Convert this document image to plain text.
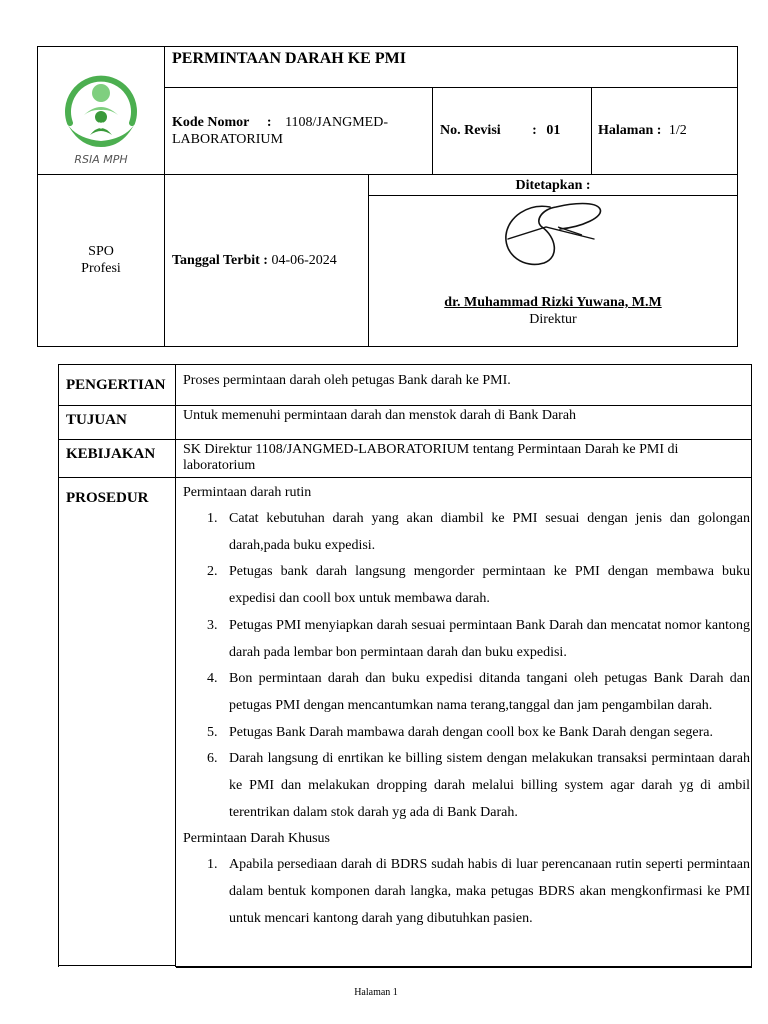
RSIA MPH
PERMINTAAN DARAH KE PMI
Kode Nomor : 1108/JANGMED-LABORATORIUM
No. Revisi : 01	Halaman : 1/2
SPO
Profesi
Tanggal Terbit : 04-06-2024
Ditetapkan :
dr. Muhammad Rizki Yuwana, M.M
Direktur
PENGERTIAN Proses permintaan darah oleh petugas Bank darah ke PMI.
TUJUAN	Untuk memenuhi permintaan darah dan menstok darah di Bank Darah
KEBIJAKAN SK Direktur 1108/JANGMED-LABORATORIUM tentang Permintaan Darah ke PMI di laboratorium
PROSEDUR Permintaan darah rutin
1. Catat kebutuhan darah yang akan diambil ke PMI sesuai dengan jenis dan golongan darah,pada buku expedisi.
2. Petugas bank darah langsung mengorder permintaan ke PMI dengan membawa buku expedisi dan cooll box untuk membawa darah.
3. Petugas PMI menyiapkan darah sesuai permintaan Bank Darah dan mencatat nomor kantong darah pada lembar bon permintaan darah dan buku expedisi.
4. Bon permintaan darah dan buku expedisi ditanda tangani oleh petugas Bank Darah dan petugas PMI dengan mencantumkan nama terang,tanggal dan jam pengambilan darah.
5. Petugas Bank Darah mambawa darah dengan cooll box ke Bank Darah dengan segera.
6. Darah langsung di enrtikan ke billing sistem dengan melakukan transaksi permintaan darah ke PMI dan melakukan dropping darah melalui billing system agar darah yg di ambil terentrikan dalam stok darah yg ada di Bank Darah.
Permintaan Darah Khusus
1. Apabila persediaan darah di BDRS sudah habis di luar perencanaan rutin seperti permintaan dalam bentuk komponen darah langka, maka petugas BDRS akan mengkonfirmasi ke PMI untuk mencari kantong darah yang dibutuhkan pasien.
Halaman 1
